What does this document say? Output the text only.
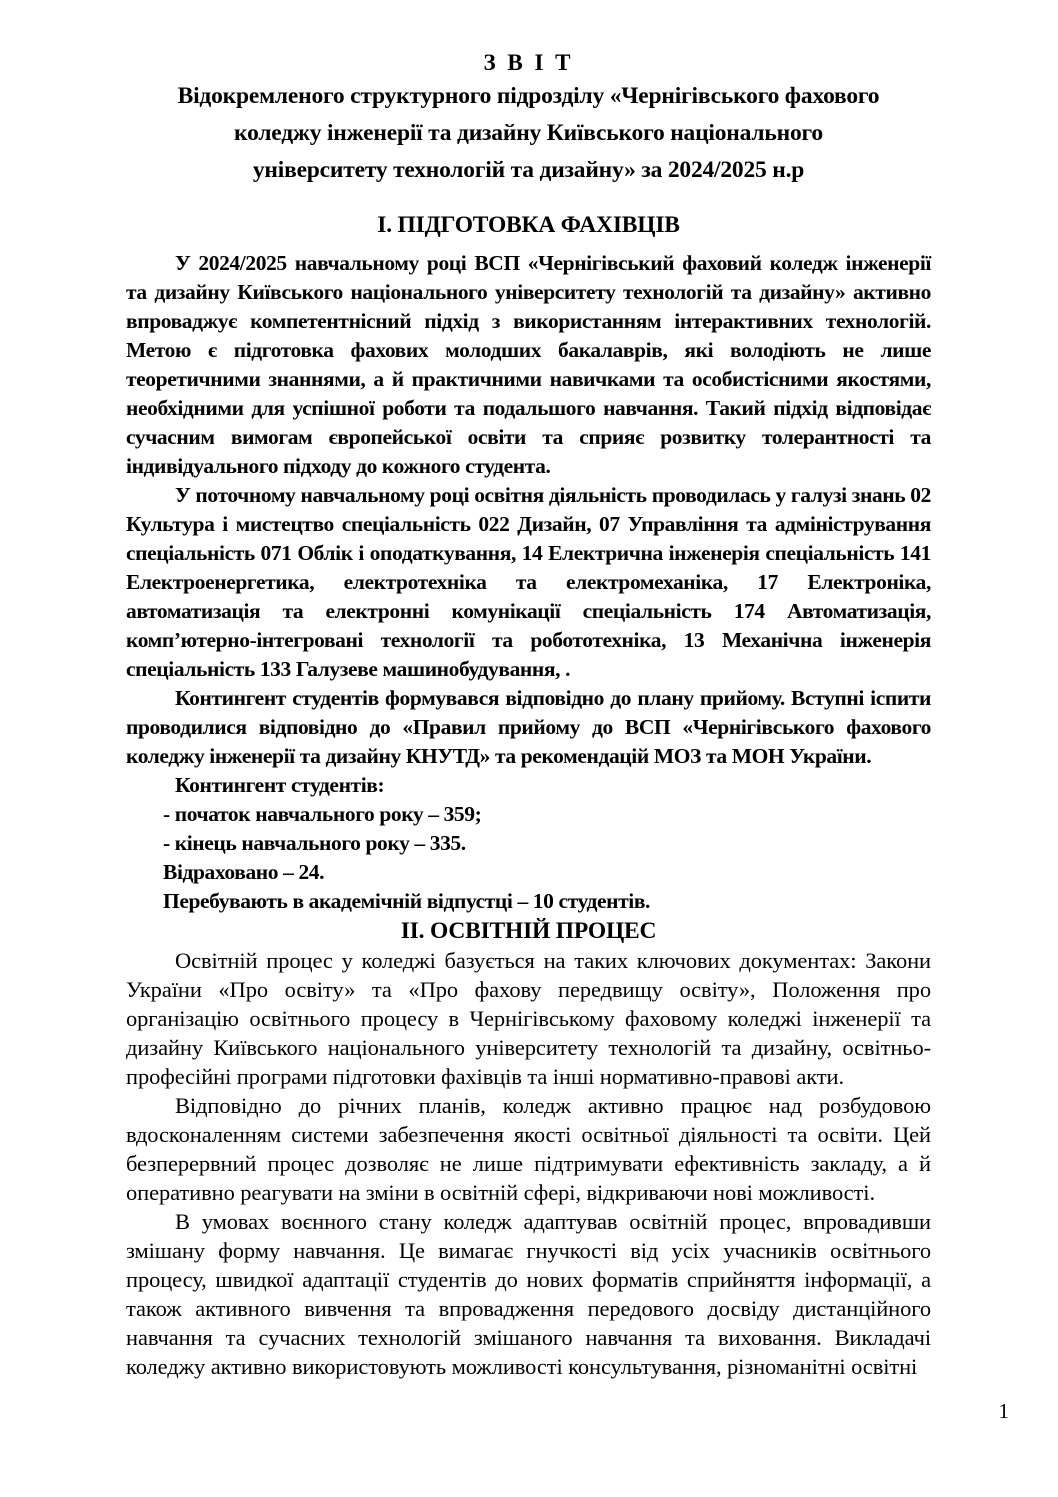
З В І Т
Відокремленого структурного підрозділу «Чернігівського фахового
коледжу інженерії та дизайну Київського національного
університету технологій та дизайну» за 2024/2025 н.р
І. ПІДГОТОВКА ФАХІВЦІВ

У 2024/2025 навчальному році ВСП «Чернігівський фаховий коледж інженерії та дизайну Київського національного університету технологій та дизайну» активно впроваджує компетентнісний підхід з використанням інтерактивних технологій. Метою є підготовка фахових молодших бакалаврів, які володіють не лише теоретичними знаннями, а й практичними навичками та особистісними якостями, необхідними для успішної роботи та подальшого навчання. Такий підхід відповідає сучасним вимогам європейської освіти та сприяє розвитку толерантності та індивідуального підходу до кожного студента.

У поточному навчальному році освітня діяльність проводилась у галузі знань 02 Культура і мистецтво спеціальність 022 Дизайн, 07 Управління та адміністрування спеціальність 071 Облік і оподаткування, 14 Електрична інженерія спеціальність 141 Електроенергетика, електротехніка та електромеханіка, 17 Електроніка, автоматизація та електронні комунікації спеціальність 174 Автоматизація, комп’ютерно-інтегровані технології та робототехніка, 13 Механічна інженерія спеціальність 133 Галузеве машинобудування, .

Контингент студентів формувався відповідно до плану прийому. Вступні іспити проводилися відповідно до «Правил прийому до ВСП «Чернігівського фахового коледжу інженерії та дизайну КНУТД» та рекомендацій МОЗ та МОН України.

Контингент студентів:

- початок навчального року – 359;

- кінець навчального року – 335.

Відраховано – 24.

Перебувають в академічній відпустці – 10 студентів.

ІІ. ОСВІТНІЙ ПРОЦЕС

Освітній процес у коледжі базується на таких ключових документах: Закони України «Про освіту» та «Про фахову передвищу освіту», Положення про організацію освітнього процесу в Чернігівському фаховому коледжі інженерії та дизайну Київського національного університету технологій та дизайну, освітньо-професійні програми підготовки фахівців та інші нормативно-правові акти.

Відповідно до річних планів, коледж активно працює над розбудовою вдосконаленням системи забезпечення якості освітньої діяльності та освіти. Цей безперервний процес дозволяє не лише підтримувати ефективність закладу, а й оперативно реагувати на зміни в освітній сфері, відкриваючи нові можливості.

В умовах воєнного стану коледж адаптував освітній процес, впровадивши змішану форму навчання. Це вимагає гнучкості від усіх учасників освітнього процесу, швидкої адаптації студентів до нових форматів сприйняття інформації, а також активного вивчення та впровадження передового досвіду дистанційного навчання та сучасних технологій змішаного навчання та виховання. Викладачі коледжу активно використовують можливості консультування, різноманітні освітні

1
